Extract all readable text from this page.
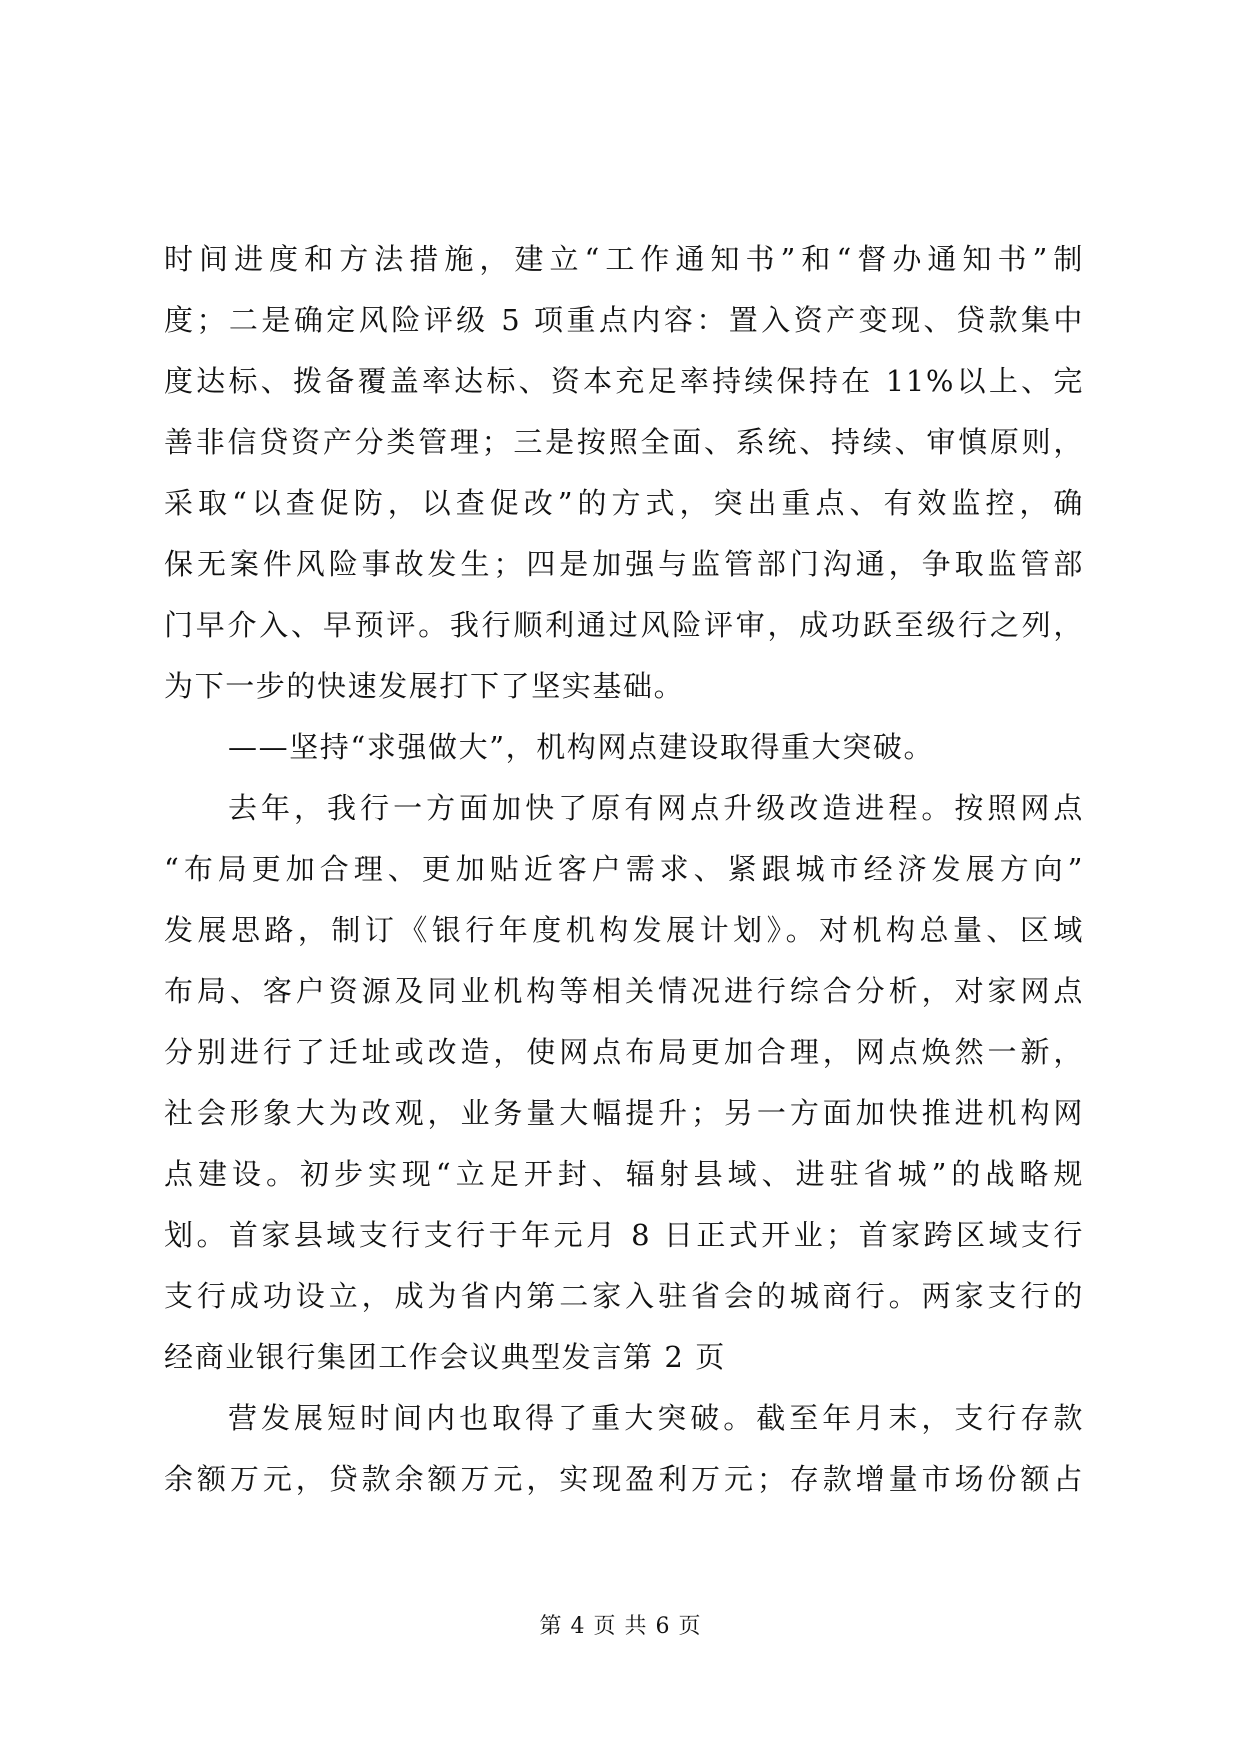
时间进度和方法措施，建立“工作通知书”和“督办通知书”制
度；二是确定风险评级 5 项重点内容：置入资产变现、贷款集中
度达标、拨备覆盖率达标、资本充足率持续保持在 11%以上、完
善非信贷资产分类管理；三是按照全面、系统、持续、审慎原则，
采取“以查促防，以查促改”的方式，突出重点、有效监控，确
保无案件风险事故发生；四是加强与监管部门沟通，争取监管部
门早介入、早预评。我行顺利通过风险评审，成功跃至级行之列，
为下一步的快速发展打下了坚实基础。
——坚持“求强做大”，机构网点建设取得重大突破。
去年，我行一方面加快了原有网点升级改造进程。按照网点
“布局更加合理、更加贴近客户需求、紧跟城市经济发展方向”
发展思路，制订《银行年度机构发展计划》。对机构总量、区域
布局、客户资源及同业机构等相关情况进行综合分析，对家网点
分别进行了迁址或改造，使网点布局更加合理，网点焕然一新，
社会形象大为改观，业务量大幅提升；另一方面加快推进机构网
点建设。初步实现“立足开封、辐射县域、进驻省城”的战略规
划。首家县域支行支行于年元月 8 日正式开业；首家跨区域支行
支行成功设立，成为省内第二家入驻省会的城商行。两家支行的
经商业银行集团工作会议典型发言第 2 页
营发展短时间内也取得了重大突破。截至年月末，支行存款
余额万元，贷款余额万元，实现盈利万元；存款增量市场份额占
第 4 页 共 6 页
